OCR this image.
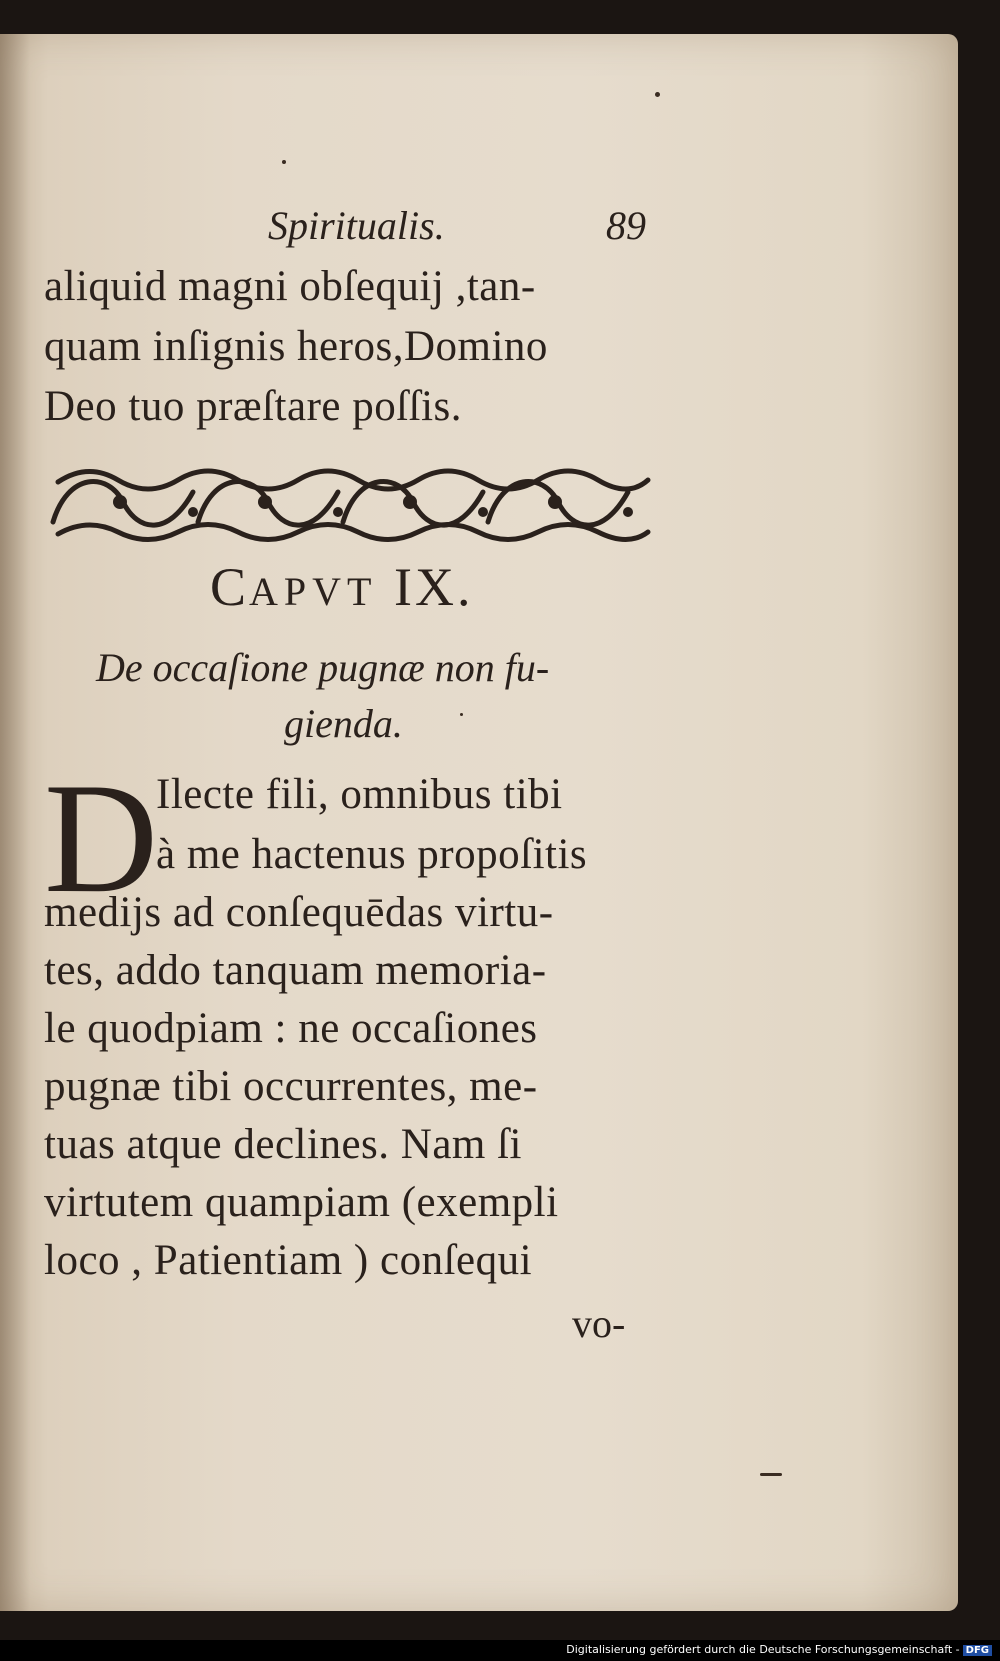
Spiritualis.	89
aliquid magni obſequij ,tan-
quam inſignis heros,Domino
Deo tuo præſtare poſſis.
CAPVT IX.
De occaſione pugnæ non fu-
gienda.
D
Ilecte fili, omnibus tibi
à me hactenus propoſitis
medijs ad conſequēdas virtu-
tes, addo tanquam memoria-
le quodpiam : ne occaſiones
pugnæ tibi occurrentes, me-
tuas atque declines. Nam ſi
virtutem quampiam (exempli
loco , Patientiam ) conſequi
vo-
Digitalisierung gefördert durch die Deutsche Forschungsgemeinschaft - DFG
